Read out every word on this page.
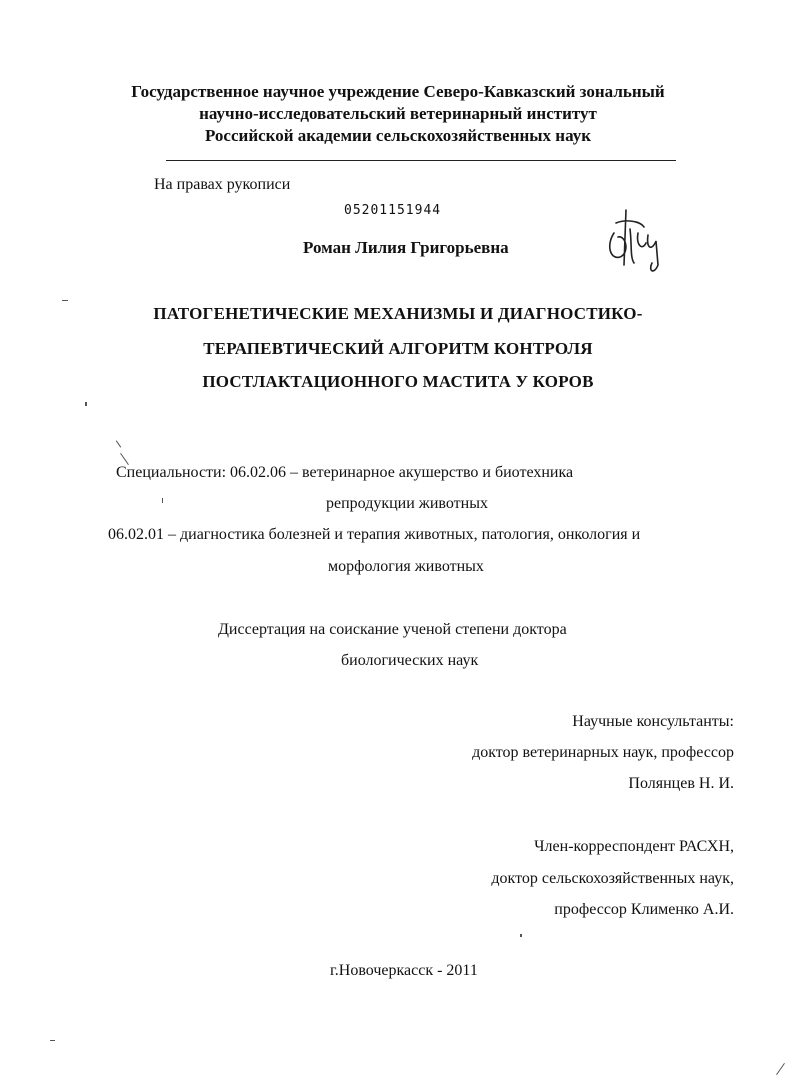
Государственное научное учреждение Северо-Кавказский зональный
научно-исследовательский ветеринарный институт
Российской академии сельскохозяйственных наук
На правах рукописи
05201151944
Роман Лилия Григорьевна
ПАТОГЕНЕТИЧЕСКИЕ МЕХАНИЗМЫ И ДИАГНОСТИКО-
ТЕРАПЕВТИЧЕСКИЙ АЛГОРИТМ КОНТРОЛЯ
ПОСТЛАКТАЦИОННОГО МАСТИТА У КОРОВ
Специальности: 06.02.06 – ветеринарное акушерство и биотехника
репродукции животных
06.02.01 – диагностика болезней и терапия животных, патология, онкология и
морфология животных
Диссертация на соискание ученой степени доктора
биологических наук
Научные консультанты:
доктор ветеринарных наук, профессор
Полянцев Н. И.
Член-корреспондент РАСХН,
доктор сельскохозяйственных наук,
профессор Клименко А.И.
г.Новочеркасск - 2011
